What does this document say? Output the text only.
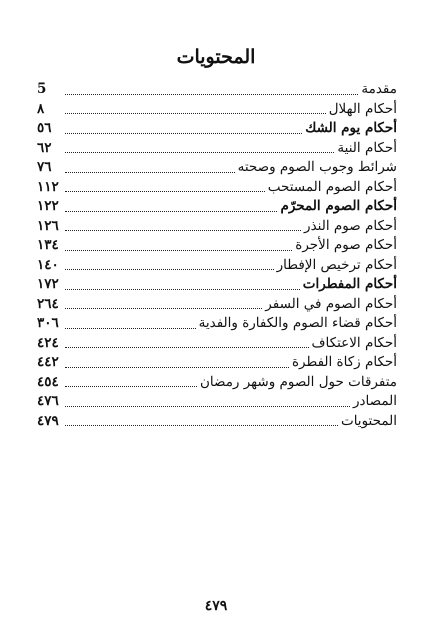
المحتويات
مقدمة
5
أحكام الهلال
٨
أحكام يوم الشك
٥٦
أحكام النية
٦٢
شرائط وجوب الصوم وصحته
٧٦
أحكام الصوم المستحب
١١٢
أحكام الصوم المحرّم
١٢٢
أحكام صوم النذر
١٢٦
أحكام صوم الأجرة
١٣٤
أحكام ترخيص الإفطار
١٤٠
أحكام المفطرات
١٧٢
أحكام الصوم في السفر
٢٦٤
أحكام قضاء الصوم والكفارة والفدية
٣٠٦
أحكام الاعتكاف
٤٢٤
أحكام زكاة الفطرة
٤٤٢
متفرقات حول الصوم وشهر رمضان
٤٥٤
المصادر
٤٧٦
المحتويات
٤٧٩
٤٧٩
